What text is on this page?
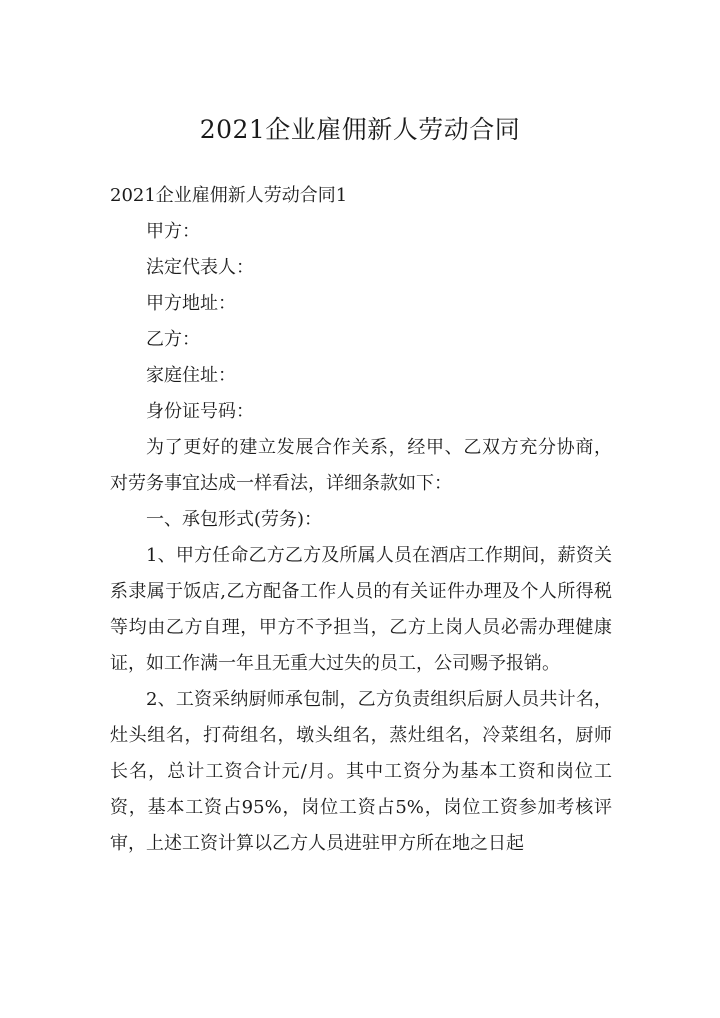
2021企业雇佣新人劳动合同

2021企业雇佣新人劳动合同1

甲方：

法定代表人：

甲方地址：

乙方：

家庭住址：

身份证号码：

为了更好的建立发展合作关系，经甲、乙双方充分协商，对劳务事宜达成一样看法，详细条款如下：

一、承包形式(劳务)：

1、甲方任命乙方乙方及所属人员在酒店工作期间，薪资关系隶属于饭店,乙方配备工作人员的有关证件办理及个人所得税等均由乙方自理，甲方不予担当，乙方上岗人员必需办理健康证，如工作满一年且无重大过失的员工，公司赐予报销。

2、工资采纳厨师承包制，乙方负责组织后厨人员共计名，灶头组名，打荷组名，墩头组名，蒸灶组名，冷菜组名，厨师长名，总计工资合计元/月。其中工资分为基本工资和岗位工资，基本工资占95%，岗位工资占5%，岗位工资参加考核评审，上述工资计算以乙方人员进驻甲方所在地之日起
